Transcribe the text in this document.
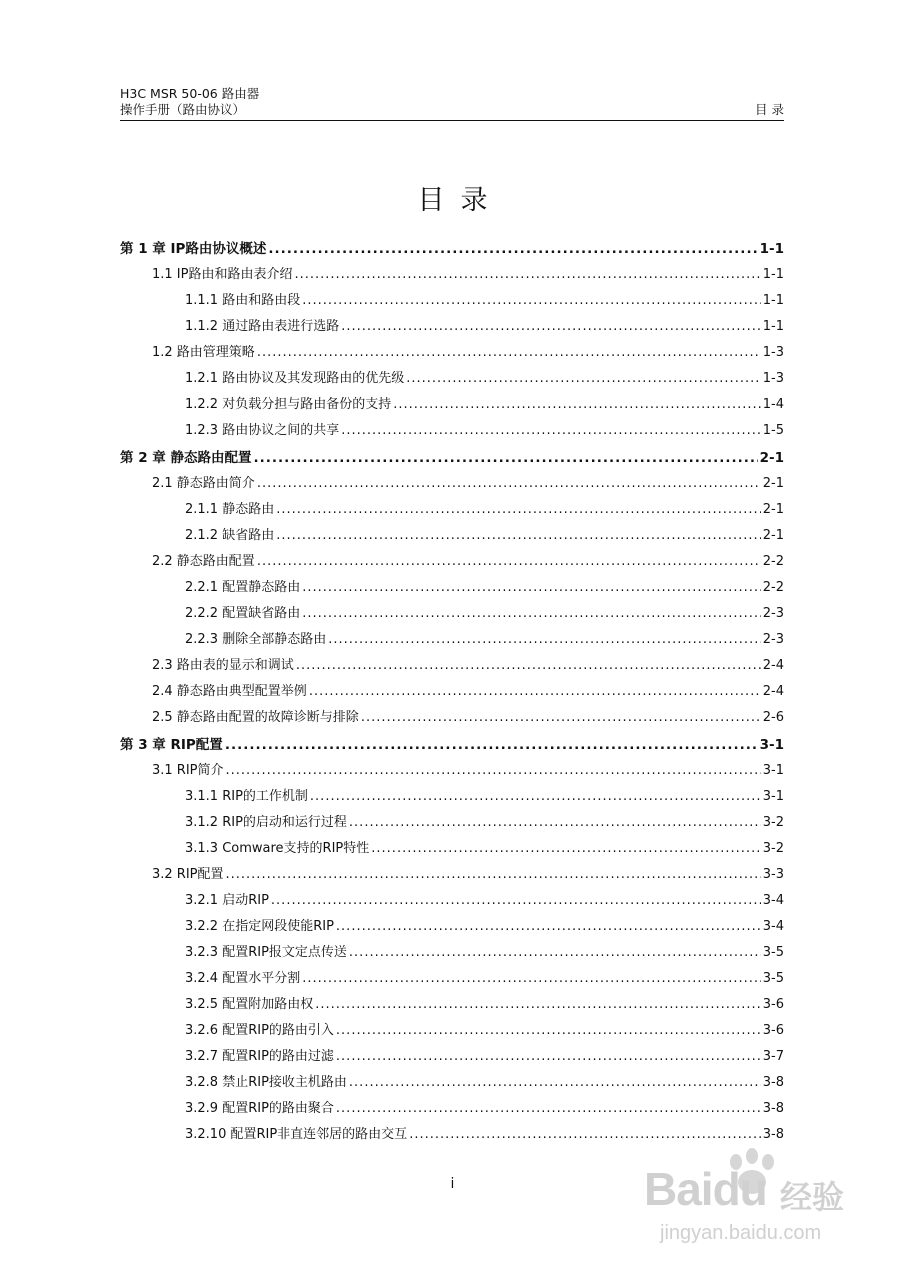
H3C MSR 50-06 路由器
操作手册（路由协议）	目 录
目录
第 1 章 IP路由协议概述 .....	1-1
1.1 IP路由和路由表介绍 .....	1-1
1.1.1 路由和路由段 .....	1-1
1.1.2 通过路由表进行选路 .....	1-1
1.2 路由管理策略 .....	1-3
1.2.1 路由协议及其发现路由的优先级 .....	1-3
1.2.2 对负载分担与路由备份的支持 .....	1-4
1.2.3 路由协议之间的共享 .....	1-5
第 2 章 静态路由配置 .....	2-1
2.1 静态路由简介 .....	2-1
2.1.1 静态路由 .....	2-1
2.1.2 缺省路由 .....	2-1
2.2 静态路由配置 .....	2-2
2.2.1 配置静态路由 .....	2-2
2.2.2 配置缺省路由 .....	2-3
2.2.3 删除全部静态路由 .....	2-3
2.3 路由表的显示和调试 .....	2-4
2.4 静态路由典型配置举例 .....	2-4
2.5 静态路由配置的故障诊断与排除 .....	2-6
第 3 章 RIP配置 .....	3-1
3.1 RIP简介 .....	3-1
3.1.1 RIP的工作机制 .....	3-1
3.1.2 RIP的启动和运行过程 .....	3-2
3.1.3 Comware支持的RIP特性 .....	3-2
3.2 RIP配置 .....	3-3
3.2.1 启动RIP .....	3-4
3.2.2 在指定网段使能RIP .....	3-4
3.2.3 配置RIP报文定点传送 .....	3-5
3.2.4 配置水平分割 .....	3-5
3.2.5 配置附加路由权 .....	3-6
3.2.6 配置RIP的路由引入 .....	3-6
3.2.7 配置RIP的路由过滤 .....	3-7
3.2.8 禁止RIP接收主机路由 .....	3-8
3.2.9 配置RIP的路由聚合 .....	3-8
3.2.10 配置RIP非直连邻居的路由交互 .....	3-8
i	Baidu 经验
jingyan.baidu.com
